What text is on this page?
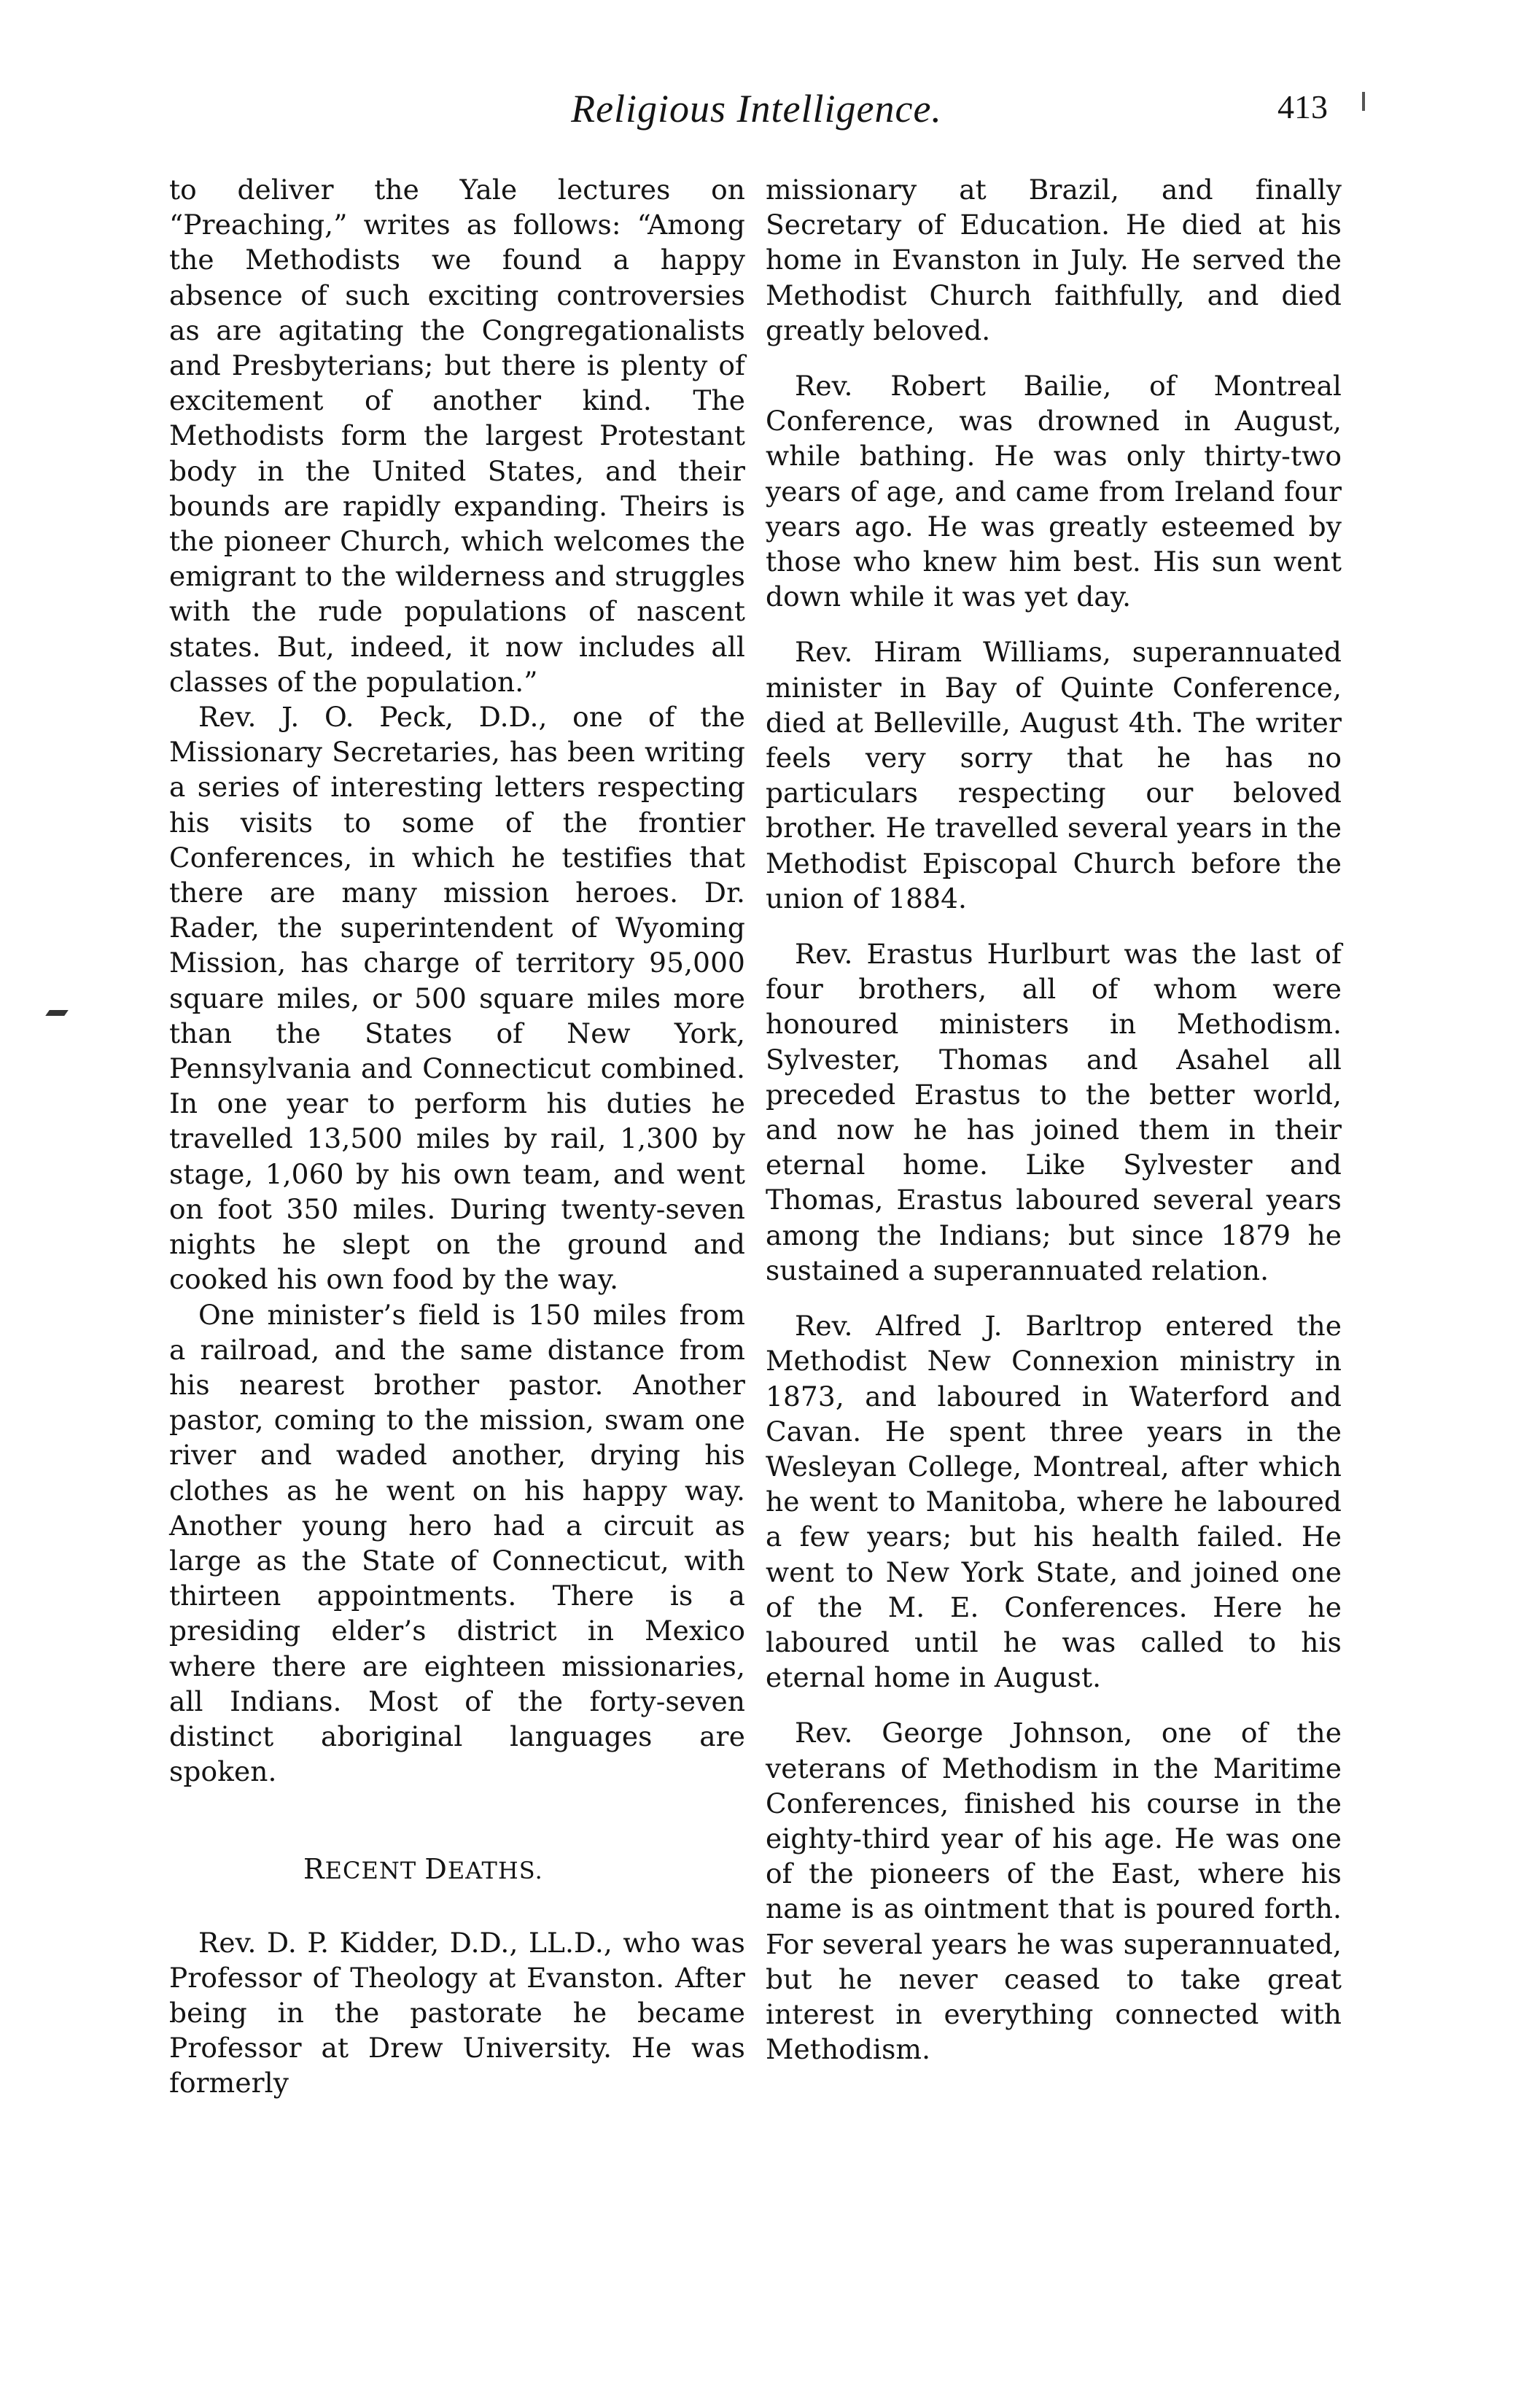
Religious Intelligence.	413

to deliver the Yale lectures on “Preaching,” writes as follows: “Among the Methodists we found a happy absence of such exciting controversies as are agitating the Congregationalists and Presbyterians; but there is plenty of excitement of another kind. The Methodists form the largest Protestant body in the United States, and their bounds are rapidly expanding. Theirs is the pioneer Church, which welcomes the emigrant to the wilderness and struggles with the rude populations of nascent states. But, indeed, it now includes all classes of the population.”

Rev. J. O. Peck, D.D., one of the Missionary Secretaries, has been writing a series of interesting letters respecting his visits to some of the frontier Conferences, in which he testifies that there are many mission heroes. Dr. Rader, the superintendent of Wyoming Mission, has charge of territory 95,000 square miles, or 500 square miles more than the States of New York, Pennsylvania and Connecticut combined. In one year to perform his duties he travelled 13,500 miles by rail, 1,300 by stage, 1,060 by his own team, and went on foot 350 miles. During twenty-seven nights he slept on the ground and cooked his own food by the way.

One minister’s field is 150 miles from a railroad, and the same distance from his nearest brother pastor. Another pastor, coming to the mission, swam one river and waded another, drying his clothes as he went on his happy way. Another young hero had a circuit as large as the State of Connecticut, with thirteen appointments. There is a presiding elder’s district in Mexico where there are eighteen missionaries, all Indians. Most of the forty-seven distinct aboriginal languages are spoken.

RECENT DEATHS.

Rev. D. P. Kidder, D.D., LL.D., who was Professor of Theology at Evanston. After being in the pastorate he became Professor at Drew University. He was formerly

missionary at Brazil, and finally Secretary of Education. He died at his home in Evanston in July. He served the Methodist Church faithfully, and died greatly beloved.

Rev. Robert Bailie, of Montreal Conference, was drowned in August, while bathing. He was only thirty-two years of age, and came from Ireland four years ago. He was greatly esteemed by those who knew him best. His sun went down while it was yet day.

Rev. Hiram Williams, superannuated minister in Bay of Quinte Conference, died at Belleville, August 4th. The writer feels very sorry that he has no particulars respecting our beloved brother. He travelled several years in the Methodist Episcopal Church before the union of 1884.

Rev. Erastus Hurlburt was the last of four brothers, all of whom were honoured ministers in Methodism. Sylvester, Thomas and Asahel all preceded Erastus to the better world, and now he has joined them in their eternal home. Like Sylvester and Thomas, Erastus laboured several years among the Indians; but since 1879 he sustained a superannuated relation.

Rev. Alfred J. Barltrop entered the Methodist New Connexion ministry in 1873, and laboured in Waterford and Cavan. He spent three years in the Wesleyan College, Montreal, after which he went to Manitoba, where he laboured a few years; but his health failed. He went to New York State, and joined one of the M. E. Conferences. Here he laboured until he was called to his eternal home in August.

Rev. George Johnson, one of the veterans of Methodism in the Maritime Conferences, finished his course in the eighty-third year of his age. He was one of the pioneers of the East, where his name is as ointment that is poured forth. For several years he was superannuated, but he never ceased to take great interest in everything connected with Methodism.
